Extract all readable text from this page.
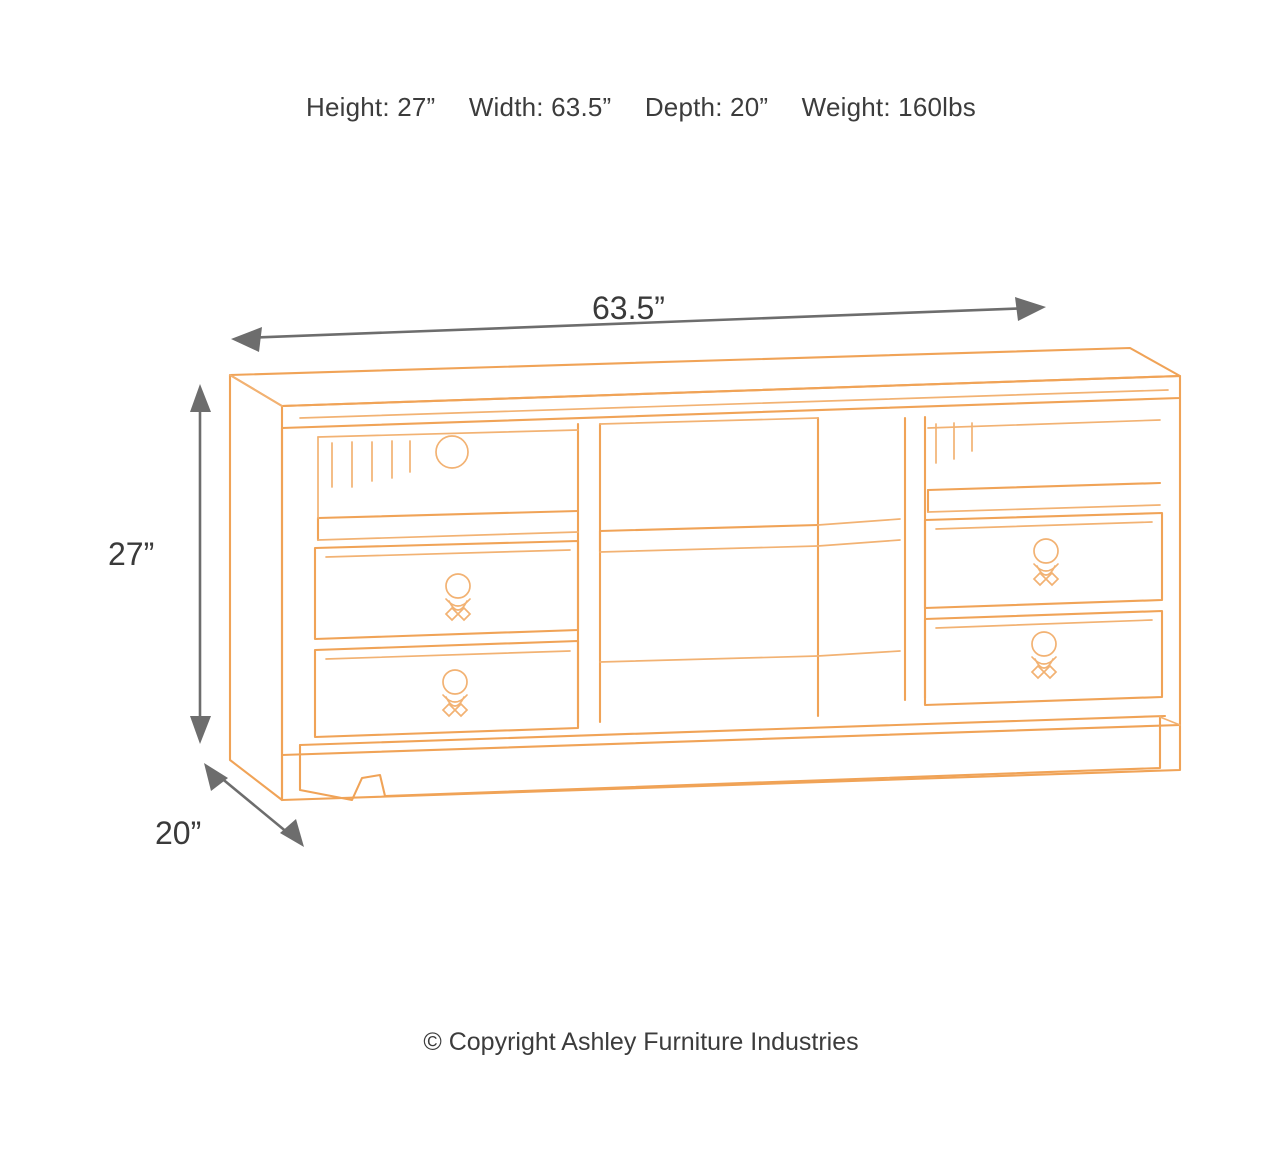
Height: 27” Width: 63.5” Depth: 20” Weight: 160lbs
63.5”
27”
20”
© Copyright Ashley Furniture Industries
